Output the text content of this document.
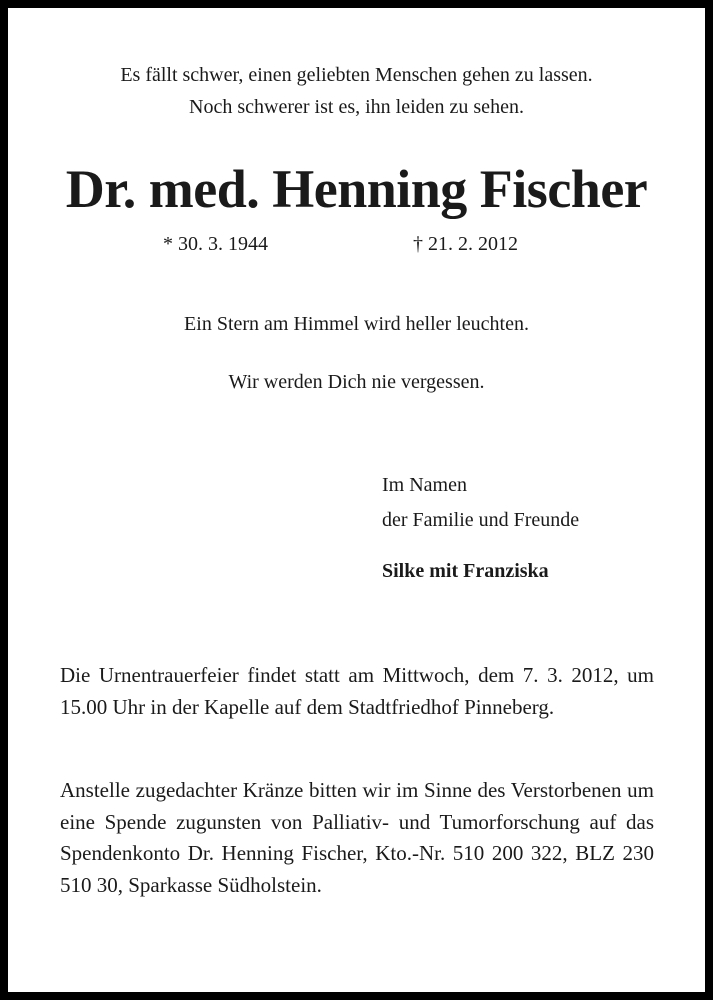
Es fällt schwer, einen geliebten Menschen gehen zu lassen.
Noch schwerer ist es, ihn leiden zu sehen.
Dr. med. Henning Fischer
* 30. 3. 1944	† 21. 2. 2012
Ein Stern am Himmel wird heller leuchten.
Wir werden Dich nie vergessen.
Im Namen
der Familie und Freunde
Silke mit Franziska
Die Urnentrauerfeier findet statt am Mittwoch, dem 7. 3. 2012, um 15.00 Uhr in der Kapelle auf dem Stadtfriedhof Pinneberg.
Anstelle zugedachter Kränze bitten wir im Sinne des Verstorbenen um eine Spende zugunsten von Palliativ- und Tumorforschung auf das Spendenkonto Dr. Henning Fischer, Kto.-Nr. 510 200 322, BLZ 230 510 30, Sparkasse Südholstein.
